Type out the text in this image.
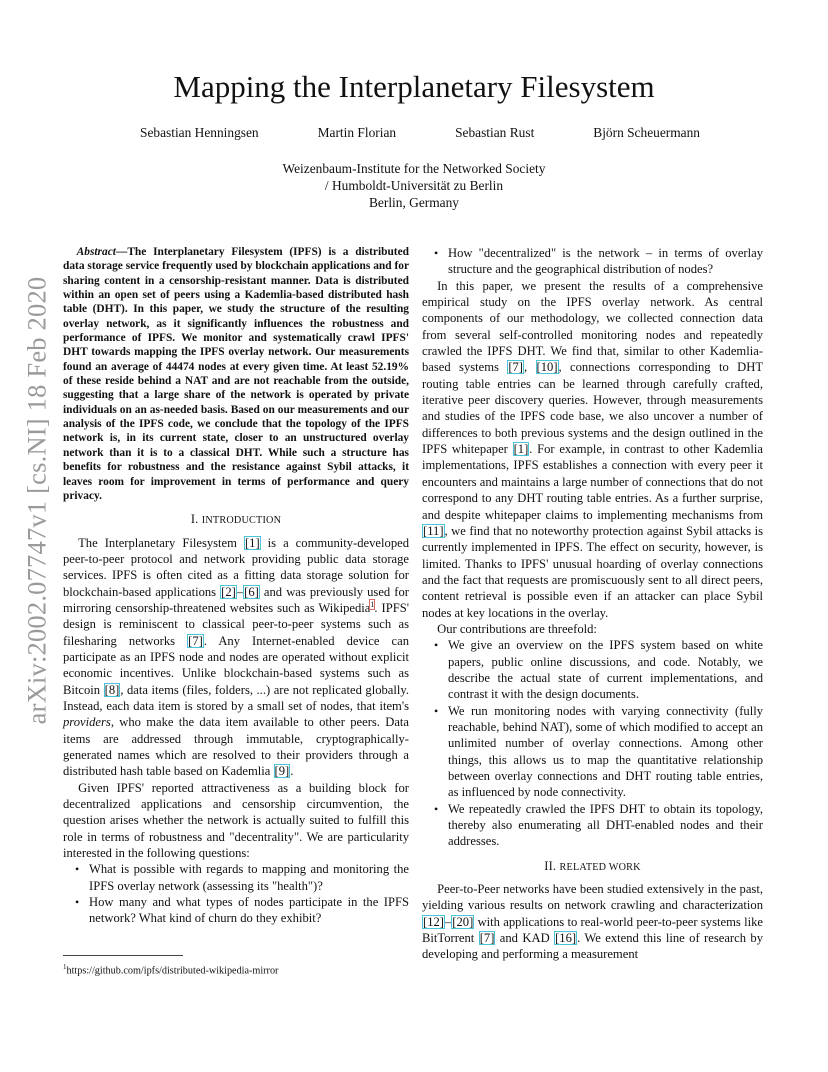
arXiv:2002.07747v1 [cs.NI] 18 Feb 2020
Mapping the Interplanetary Filesystem
Sebastian Henningsen	Martin Florian	Sebastian Rust	Björn Scheuermann
Weizenbaum-Institute for the Networked Society
/ Humboldt-Universität zu Berlin
Berlin, Germany

Abstract—The Interplanetary Filesystem (IPFS) is a distributed data storage service frequently used by blockchain applications and for sharing content in a censorship-resistant manner. Data is distributed within an open set of peers using a Kademlia-based distributed hash table (DHT). In this paper, we study the structure of the resulting overlay network, as it significantly influences the robustness and performance of IPFS. We monitor and systematically crawl IPFS' DHT towards mapping the IPFS overlay network. Our measurements found an average of 44474 nodes at every given time. At least 52.19% of these reside behind a NAT and are not reachable from the outside, suggesting that a large share of the network is operated by private individuals on an as-needed basis. Based on our measurements and our analysis of the IPFS code, we conclude that the topology of the IPFS network is, in its current state, closer to an unstructured overlay network than it is to a classical DHT. While such a structure has benefits for robustness and the resistance against Sybil attacks, it leaves room for improvement in terms of performance and query privacy.

I. INTRODUCTION

The Interplanetary Filesystem [1] is a community-developed peer-to-peer protocol and network providing public data storage services. IPFS is often cited as a fitting data storage solution for blockchain-based applications [2]–[6] and was previously used for mirroring censorship-threatened websites such as Wikipedia$^1$. IPFS' design is reminiscent to classical peer-to-peer systems such as filesharing networks [7]. Any Internet-enabled device can participate as an IPFS node and nodes are operated without explicit economic incentives. Unlike blockchain-based systems such as Bitcoin [8], data items (files, folders, ...) are not replicated globally. Instead, each data item is stored by a small set of nodes, that item's providers, who make the data item available to other peers. Data items are addressed through immutable, cryptographically-generated names which are resolved to their providers through a distributed hash table based on Kademlia [9].

Given IPFS' reported attractiveness as a building block for decentralized applications and censorship circumvention, the question arises whether the network is actually suited to fulfill this role in terms of robustness and "decentrality". We are particularity interested in the following questions:

• What is possible with regards to mapping and monitoring the IPFS overlay network (assessing its "health")?
• How many and what types of nodes participate in the IPFS network? What kind of churn do they exhibit?
$^1$https://github.com/ipfs/distributed-wikipedia-mirror
• How "decentralized" is the network – in terms of overlay structure and the geographical distribution of nodes?

In this paper, we present the results of a comprehensive empirical study on the IPFS overlay network. As central components of our methodology, we collected connection data from several self-controlled monitoring nodes and repeatedly crawled the IPFS DHT. We find that, similar to other Kademlia-based systems [7], [10], connections corresponding to DHT routing table entries can be learned through carefully crafted, iterative peer discovery queries. However, through measurements and studies of the IPFS code base, we also uncover a number of differences to both previous systems and the design outlined in the IPFS whitepaper [1]. For example, in contrast to other Kademlia implementations, IPFS establishes a connection with every peer it encounters and maintains a large number of connections that do not correspond to any DHT routing table entries. As a further surprise, and despite whitepaper claims to implementing mechanisms from [11], we find that no noteworthy protection against Sybil attacks is currently implemented in IPFS. The effect on security, however, is limited. Thanks to IPFS' unusual hoarding of overlay connections and the fact that requests are promiscuously sent to all direct peers, content retrieval is possible even if an attacker can place Sybil nodes at key locations in the overlay.

Our contributions are threefold:

• We give an overview on the IPFS system based on white papers, public online discussions, and code. Notably, we describe the actual state of current implementations, and contrast it with the design documents.
• We run monitoring nodes with varying connectivity (fully reachable, behind NAT), some of which modified to accept an unlimited number of overlay connections. Among other things, this allows us to map the quantitative relationship between overlay connections and DHT routing table entries, as influenced by node connectivity.
• We repeatedly crawled the IPFS DHT to obtain its topology, thereby also enumerating all DHT-enabled nodes and their addresses.
II. RELATED WORK

Peer-to-Peer networks have been studied extensively in the past, yielding various results on network crawling and characterization [12]–[20] with applications to real-world peer-to-peer systems like BitTorrent [7] and KAD [16]. We extend this line of research by developing and performing a measurement
